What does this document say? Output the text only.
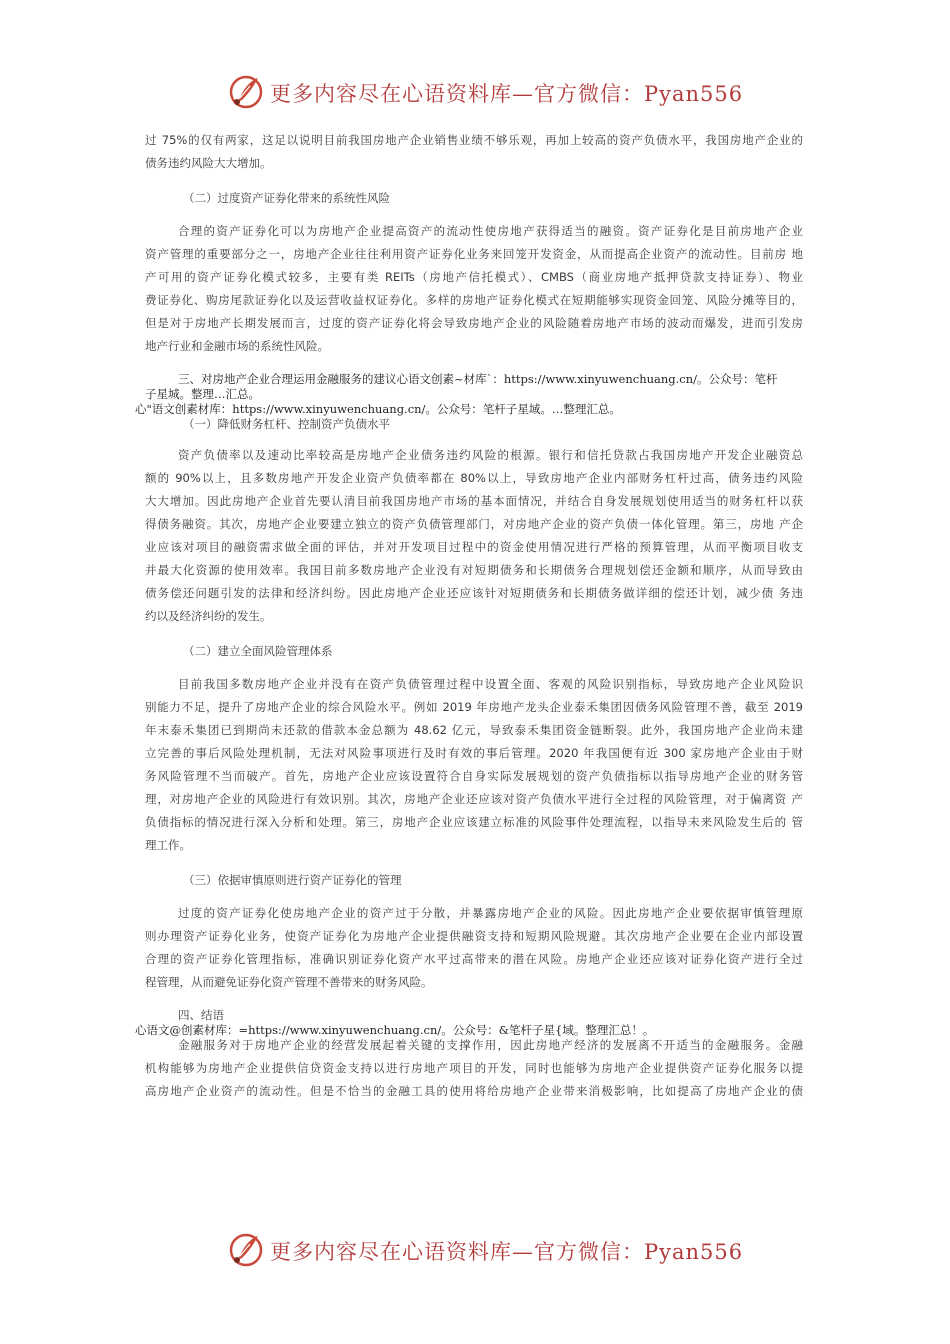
更多内容尽在心语资料库—官方微信：Pyan556
过 75%的仅有两家，这足以说明目前我国房地产企业销售业绩不够乐观，再加上较高的资产负债水平，我国房地产企业的
债务违约风险大大增加。
（二）过度资产证券化带来的系统性风险
合理的资产证券化可以为房地产企业提高资产的流动性使房地产获得适当的融资。资产证券化是目前房地产企业
资产管理的重要部分之一，房地产企业往往利用资产证券化业务来回笼开发资金，从而提高企业资产的流动性。目前房 地
产可用的资产证券化模式较多，主要有类 REITs（房地产信托模式）、CMBS（商业房地产抵押贷款支持证券）、物业
费证券化、购房尾款证券化以及运营收益权证券化。多样的房地产证券化模式在短期能够实现资金回笼、风险分摊等目的，
但是对于房地产长期发展而言，过度的资产证券化将会导致房地产企业的风险随着房地产市场的波动而爆发，进而引发房
地产行业和金融市场的系统性风险。
三、对房地产企业合理运用金融服务的建议心语文创素~材库`：https://www.xinyuwenchuang.cn/。公众号：笔杆
子星城。整理…汇总。
心"语文创素材库：https://www.xinyuwenchuang.cn/。公众号：笔杆子星域。…整理汇总。
（一）降低财务杠杆、控制资产负债水平
资产负债率以及速动比率较高是房地产企业债务违约风险的根源。银行和信托贷款占我国房地产开发企业融资总
额的 90%以上，且多数房地产开发企业资产负债率都在 80%以上，导致房地产企业内部财务杠杆过高，债务违约风险
大大增加。因此房地产企业首先要认清目前我国房地产市场的基本面情况，并结合自身发展规划使用适当的财务杠杆以获
得债务融资。其次，房地产企业要建立独立的资产负债管理部门，对房地产企业的资产负债一体化管理。第三，房地 产企
业应该对项目的融资需求做全面的评估，并对开发项目过程中的资金使用情况进行严格的预算管理，从而平衡项目收支
并最大化资源的使用效率。我国目前多数房地产企业没有对短期债务和长期债务合理规划偿还金额和顺序，从而导致由
债务偿还问题引发的法律和经济纠纷。因此房地产企业还应该针对短期债务和长期债务做详细的偿还计划，减少债 务违
约以及经济纠纷的发生。
（二）建立全面风险管理体系
目前我国多数房地产企业并没有在资产负债管理过程中设置全面、客观的风险识别指标，导致房地产企业风险识
别能力不足，提升了房地产企业的综合风险水平。例如 2019 年房地产龙头企业泰禾集团因债务风险管理不善，截至 2019
年末泰禾集团已到期尚未还款的借款本金总额为 48.62 亿元，导致泰禾集团资金链断裂。此外，我国房地产企业尚未建
立完善的事后风险处理机制，无法对风险事项进行及时有效的事后管理。2020 年我国便有近 300 家房地产企业由于财
务风险管理不当而破产。首先，房地产企业应该设置符合自身实际发展规划的资产负债指标以指导房地产企业的财务管
理，对房地产企业的风险进行有效识别。其次，房地产企业还应该对资产负债水平进行全过程的风险管理，对于偏离资 产
负债指标的情况进行深入分析和处理。第三，房地产企业应该建立标准的风险事件处理流程，以指导未来风险发生后的 管
理工作。
（三）依据审慎原则进行资产证券化的管理
过度的资产证券化使房地产企业的资产过于分散，并暴露房地产企业的风险。因此房地产企业要依据审慎管理原
则办理资产证券化业务，使资产证券化为房地产企业提供融资支持和短期风险规避。其次房地产企业要在企业内部设置
合理的资产证券化管理指标，准确识别证券化资产水平过高带来的潜在风险。房地产企业还应该对证券化资产进行全过
程管理，从而避免证券化资产管理不善带来的财务风险。
四、结语
心语文@创素材库：=https://www.xinyuwenchuang.cn/。公众号：&笔杆子星{域。整理汇总！。
金融服务对于房地产企业的经营发展起着关键的支撑作用，因此房地产经济的发展离不开适当的金融服务。金融
机构能够为房地产企业提供信贷资金支持以进行房地产项目的开发，同时也能够为房地产企业提供资产证券化服务以提
高房地产企业资产的流动性。但是不恰当的金融工具的使用将给房地产企业带来消极影响，比如提高了房地产企业的债
更多内容尽在心语资料库—官方微信：Pyan556
